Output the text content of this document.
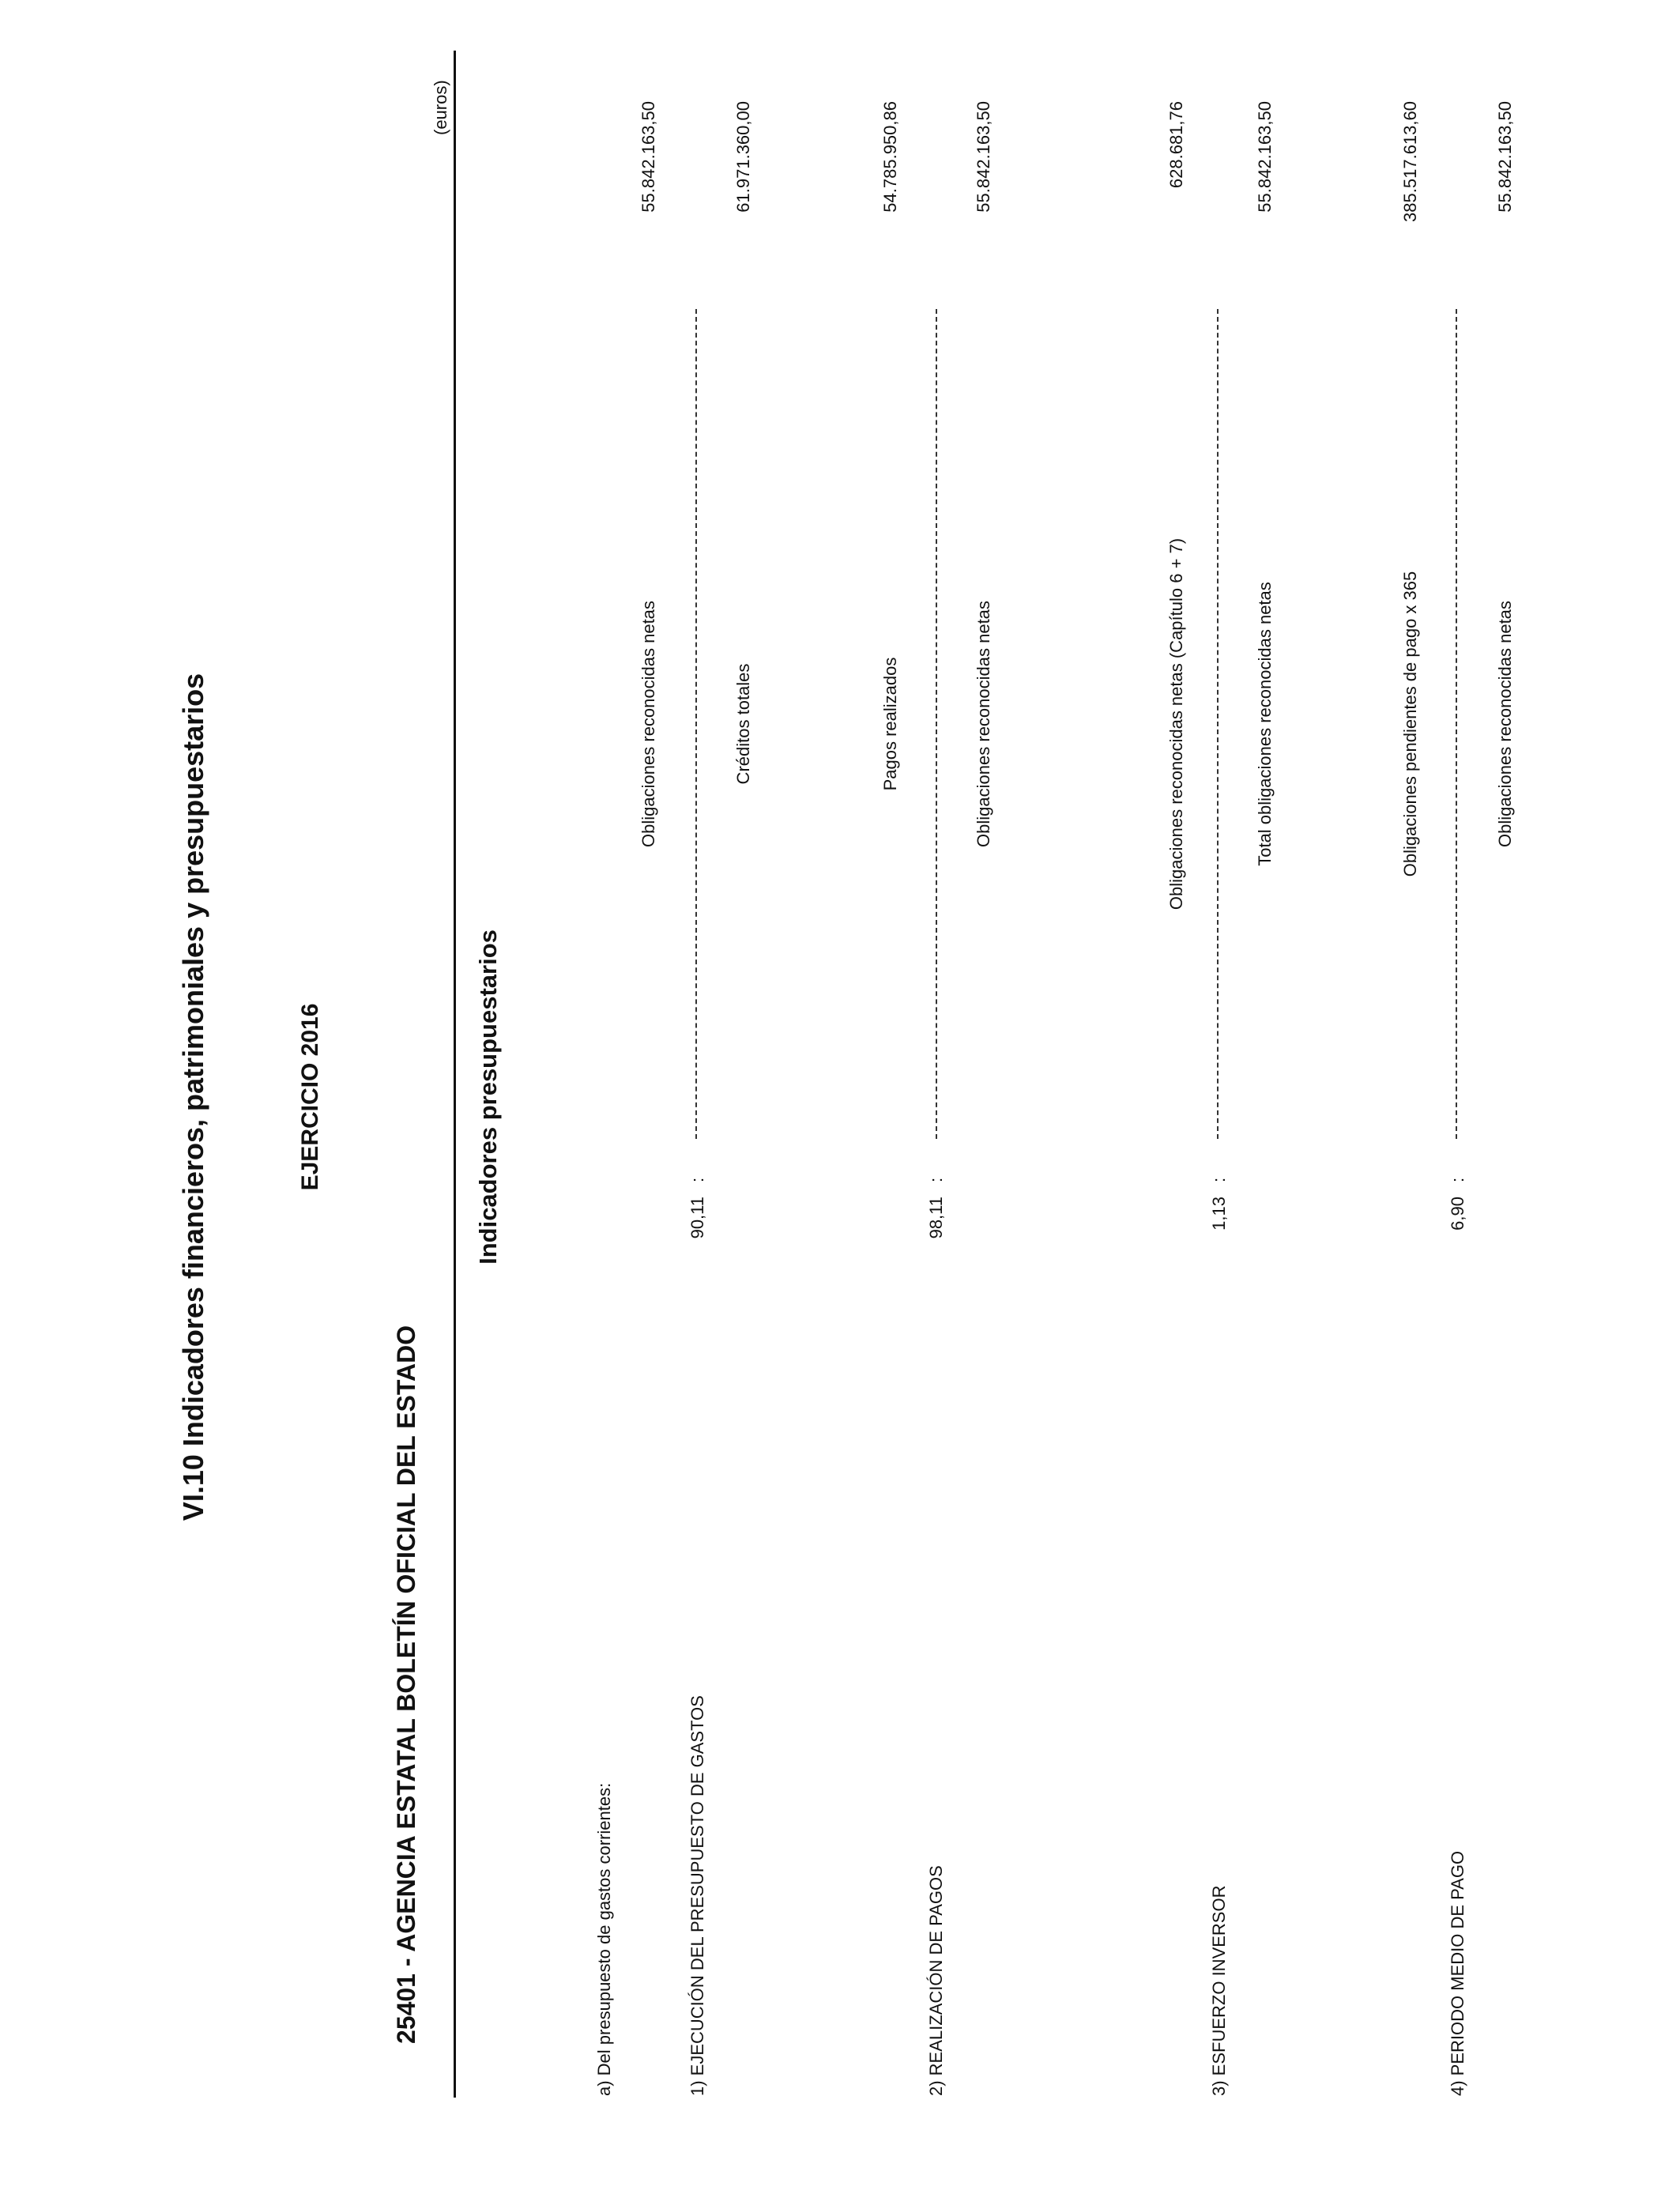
VI.10 Indicadores financieros, patrimoniales y presupuestarios	EJERCICIO 2016
25401 - AGENCIA ESTATAL BOLETÍN OFICIAL DEL ESTADO
(euros)
Indicadores presupuestarios
a) Del presupuesto de gastos corrientes:
Obligaciones reconocidas netas
55.842.163,50
1) EJECUCIÓN DEL PRESUPUESTO DE GASTOS
90,11
:
Créditos totales
61.971.360,00
Pagos realizados
54.785.950,86
2) REALIZACIÓN DE PAGOS
98,11
:
Obligaciones reconocidas netas
55.842.163,50
Obligaciones reconocidas netas (Capítulo 6 + 7)
628.681,76
3) ESFUERZO INVERSOR
1,13
:
Total obligaciones reconocidas netas
55.842.163,50
Obligaciones pendientes de pago x 365
385.517.613,60
4) PERIODO MEDIO DE PAGO
6,90
:
Obligaciones reconocidas netas
55.842.163,50
